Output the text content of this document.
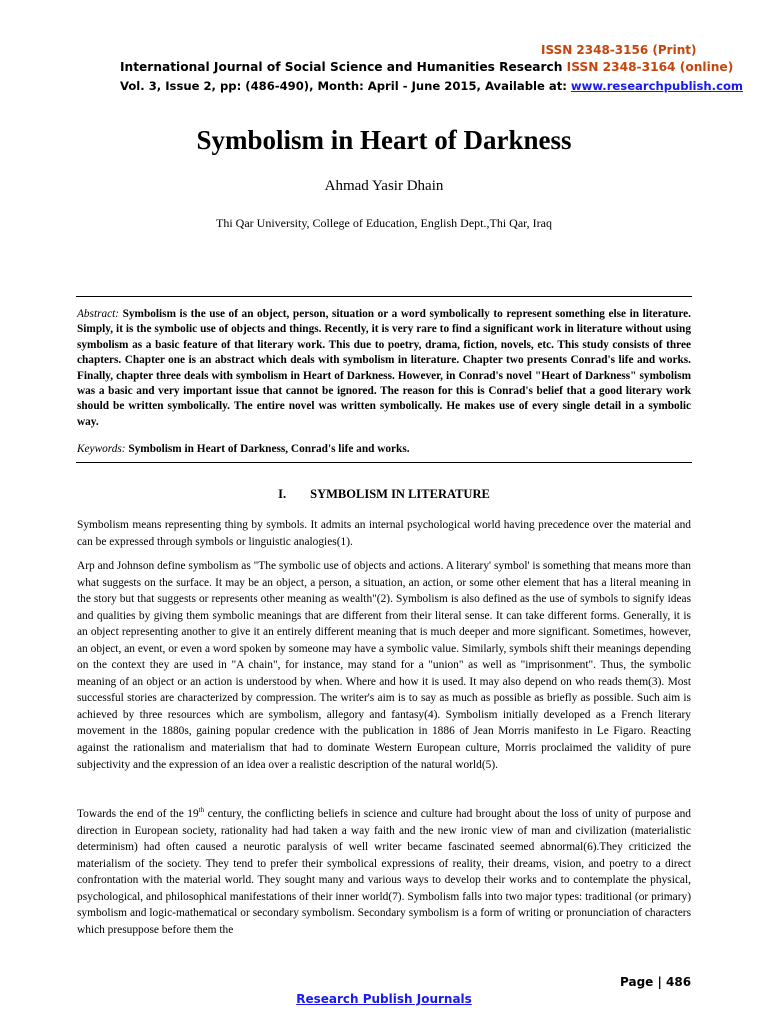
ISSN 2348-3156 (Print)
International Journal of Social Science and Humanities Research ISSN 2348-3164 (online)
Vol. 3, Issue 2, pp: (486-490), Month: April - June 2015, Available at: www.researchpublish.com
Symbolism in Heart of Darkness
Ahmad Yasir Dhain
Thi Qar University, College of Education, English Dept.,Thi Qar, Iraq
Abstract: Symbolism is the use of an object, person, situation or a word symbolically to represent something else in literature. Simply, it is the symbolic use of objects and things. Recently, it is very rare to find a significant work in literature without using symbolism as a basic feature of that literary work. This due to poetry, drama, fiction, novels, etc. This study consists of three chapters. Chapter one is an abstract which deals with symbolism in literature. Chapter two presents Conrad's life and works. Finally, chapter three deals with symbolism in Heart of Darkness. However, in Conrad's novel "Heart of Darkness" symbolism was a basic and very important issue that cannot be ignored. The reason for this is Conrad's belief that a good literary work should be written symbolically. The entire novel was written symbolically. He makes use of every single detail in a symbolic way.
Keywords: Symbolism in Heart of Darkness, Conrad's life and works.
I. SYMBOLISM IN LITERATURE

Symbolism means representing thing by symbols. It admits an internal psychological world having precedence over the material and can be expressed through symbols or linguistic analogies(1).

Arp and Johnson define symbolism as "The symbolic use of objects and actions. A literary' symbol' is something that means more than what suggests on the surface. It may be an object, a person, a situation, an action, or some other element that has a literal meaning in the story but that suggests or represents other meaning as wealth"(2). Symbolism is also defined as the use of symbols to signify ideas and qualities by giving them symbolic meanings that are different from their literal sense. It can take different forms. Generally, it is an object representing another to give it an entirely different meaning that is much deeper and more significant. Sometimes, however, an object, an event, or even a word spoken by someone may have a symbolic value. Similarly, symbols shift their meanings depending on the context they are used in "A chain", for instance, may stand for a "union" as well as "imprisonment". Thus, the symbolic meaning of an object or an action is understood by when. Where and how it is used. It may also depend on who reads them(3). Most successful stories are characterized by compression. The writer's aim is to say as much as possible as briefly as possible. Such aim is achieved by three resources which are symbolism, allegory and fantasy(4). Symbolism initially developed as a French literary movement in the 1880s, gaining popular credence with the publication in 1886 of Jean Morris manifesto in Le Figaro. Reacting against the rationalism and materialism that had to dominate Western European culture, Morris proclaimed the validity of pure subjectivity and the expression of an idea over a realistic description of the natural world(5).

Towards the end of the 19th century, the conflicting beliefs in science and culture had brought about the loss of unity of purpose and direction in European society, rationality had had taken a way faith and the new ironic view of man and civilization (materialistic determinism) had often caused a neurotic paralysis of well writer became fascinated seemed abnormal(6).They criticized the materialism of the society. They tend to prefer their symbolical expressions of reality, their dreams, vision, and poetry to a direct confrontation with the material world. They sought many and various ways to develop their works and to contemplate the physical, psychological, and philosophical manifestations of their inner world(7). Symbolism falls into two major types: traditional (or primary) symbolism and logic-mathematical or secondary symbolism. Secondary symbolism is a form of writing or pronunciation of characters which presuppose before them the

Page | 486
Research Publish Journals
